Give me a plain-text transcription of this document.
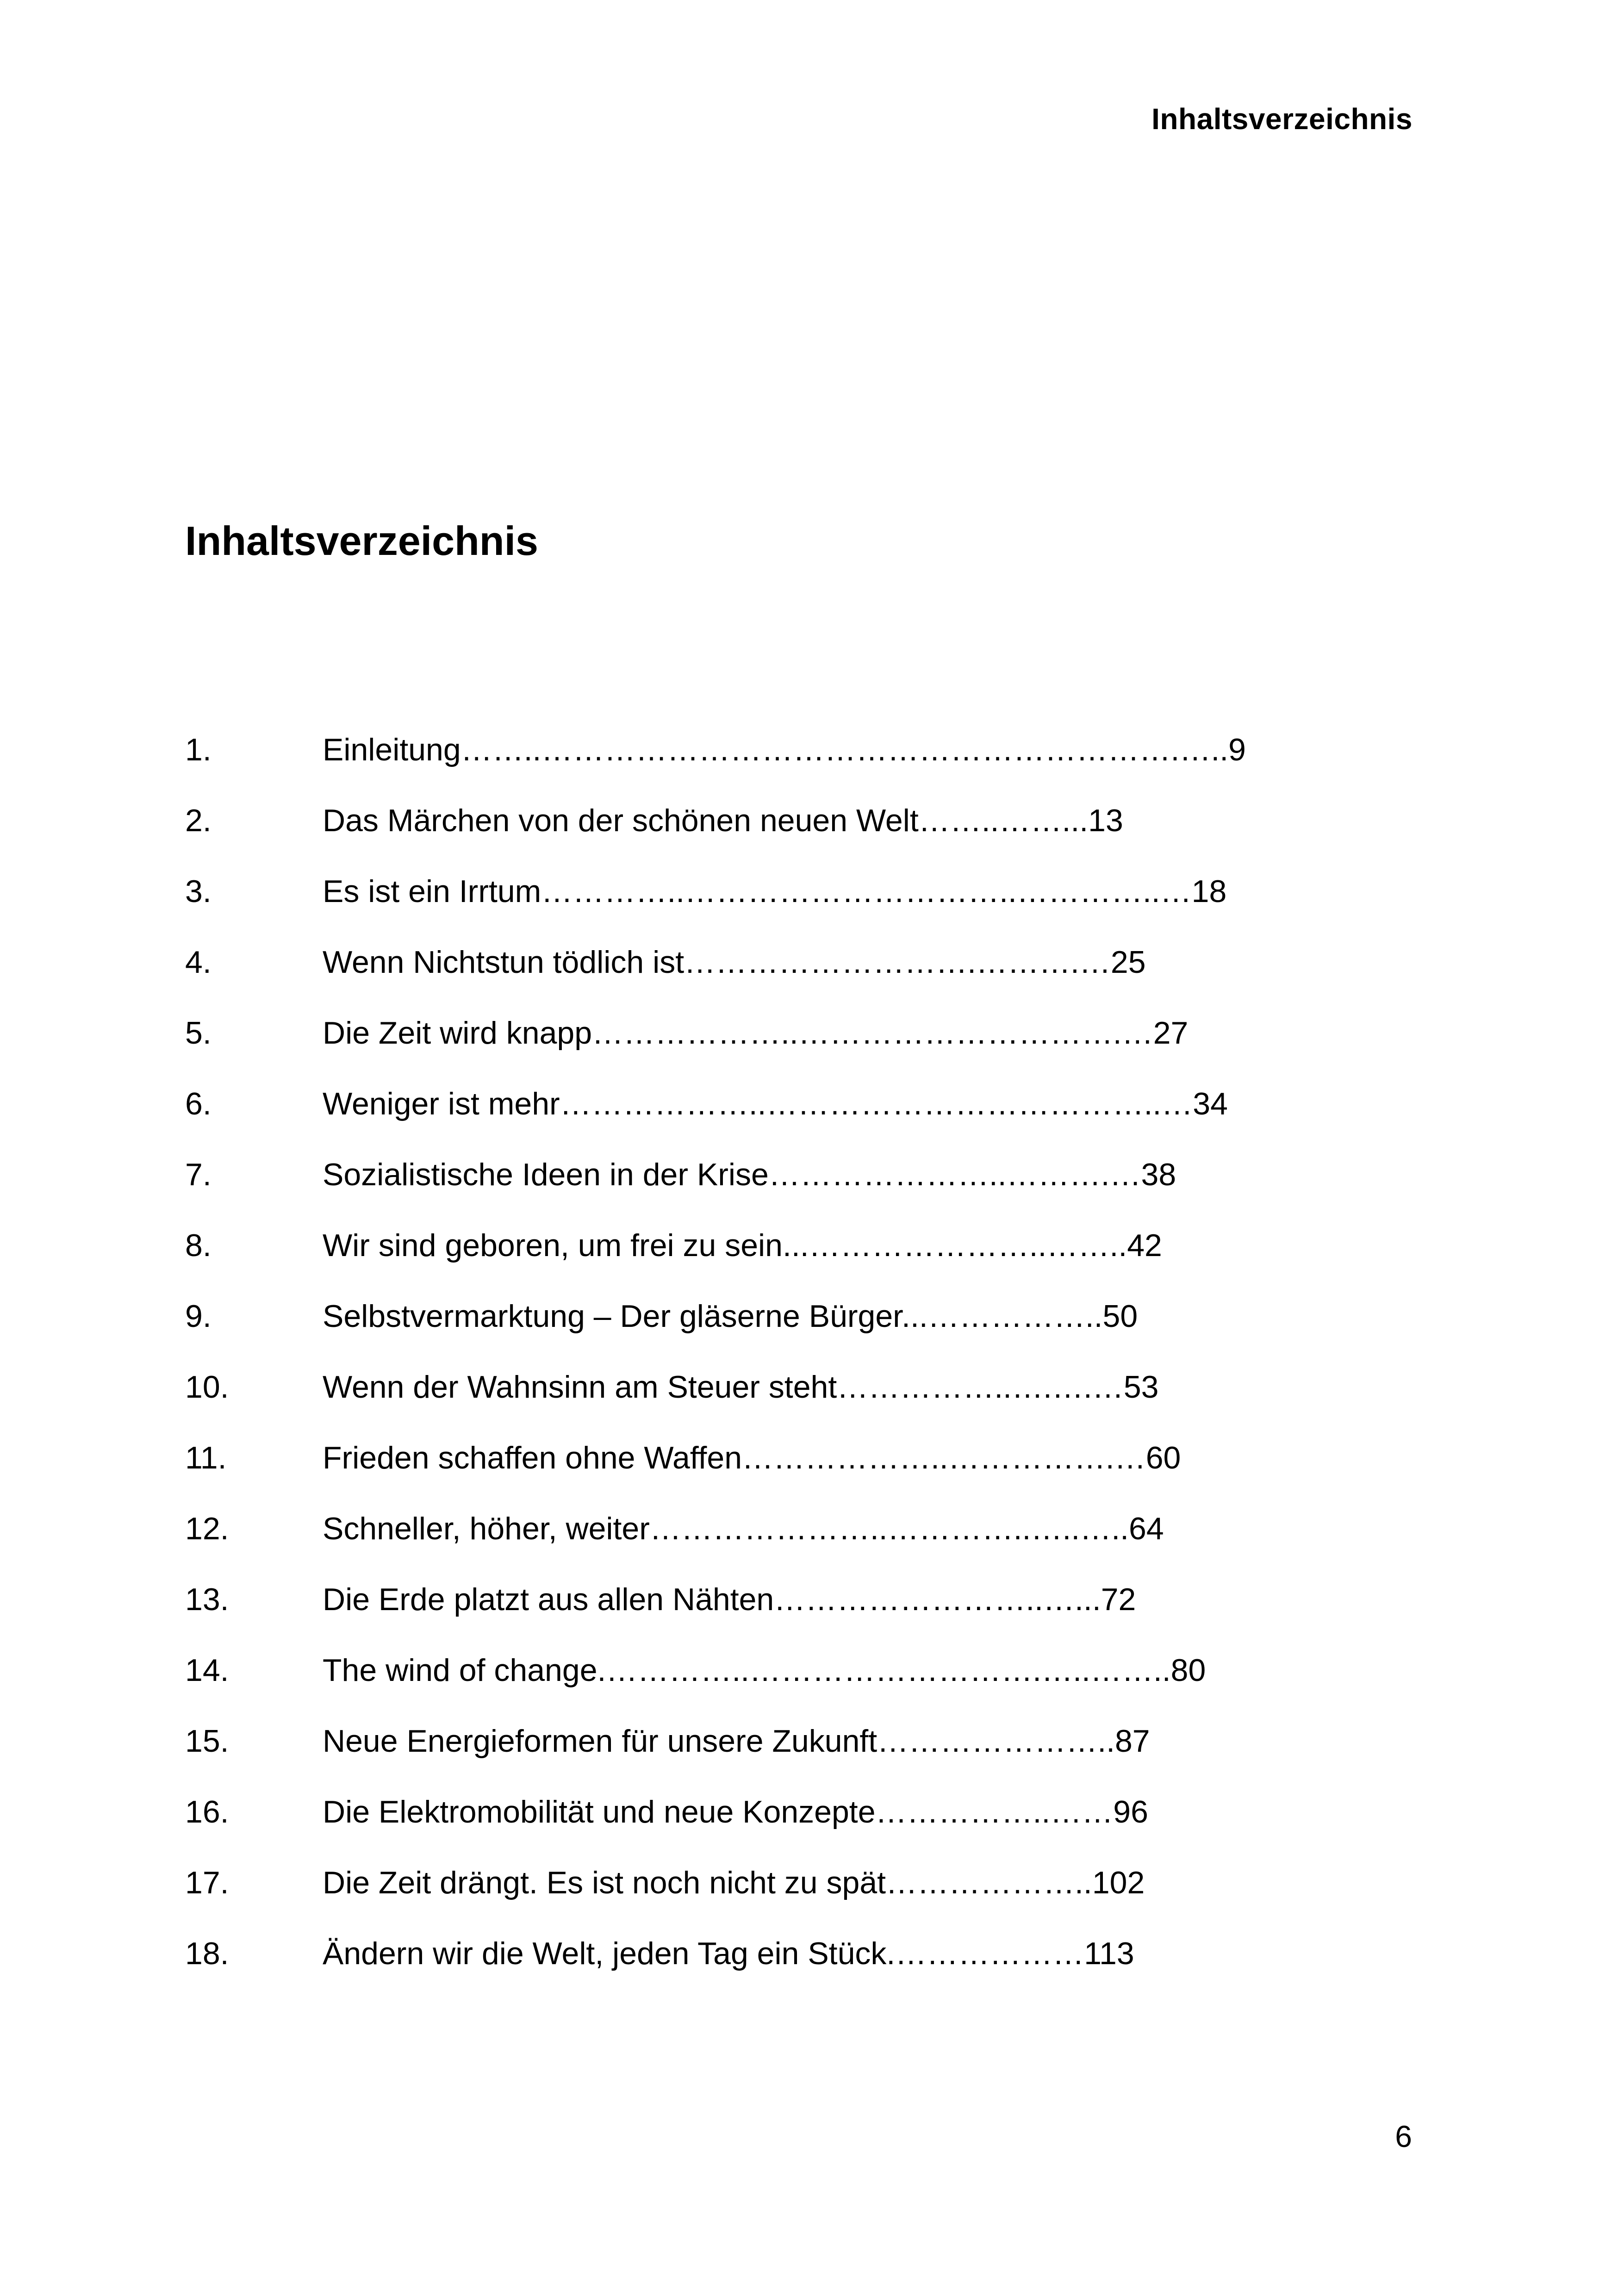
Inhaltsverzeichnis
Inhaltsverzeichnis
1.	Einleitung……..…………………………………………………….…..9
2.	Das Märchen von der schönen neuen Welt……..……...13
3.	Es ist ein Irrtum…………..…………………………..…………..…18
4.	Wenn Nichtstun tödlich ist……………………….……….…25
5.	Die Zeit wird knapp………………..………………………….…27
6.	Weniger ist mehr………………..………………………………..…34
7.	Sozialistische Ideen in der Krise…………………..……….…38
8.	Wir sind geboren, um frei zu sein...…………………..……..42
9.	Selbstvermarktung – Der gläserne Bürger...……………..50
10.	Wenn der Wahnsinn am Steuer steht……………..….….…53
11.	Frieden schaffen ohne Waffen………………..…………….…60
12.	Schneller, höher, weiter…………………..…………..…..…..64
13.	Die Erde platzt aus allen Nähten……………………..…...72
14.	The wind of change.…………..……………………….…..……..80
15.	Neue Energieformen für unsere Zukunft…………………..87
16.	Die Elektromobilität und neue Konzepte……………..……96
17.	Die Zeit drängt. Es ist noch nicht zu spät………………..102
18.	Ändern wir die Welt, jeden Tag ein Stück.………………113
6
